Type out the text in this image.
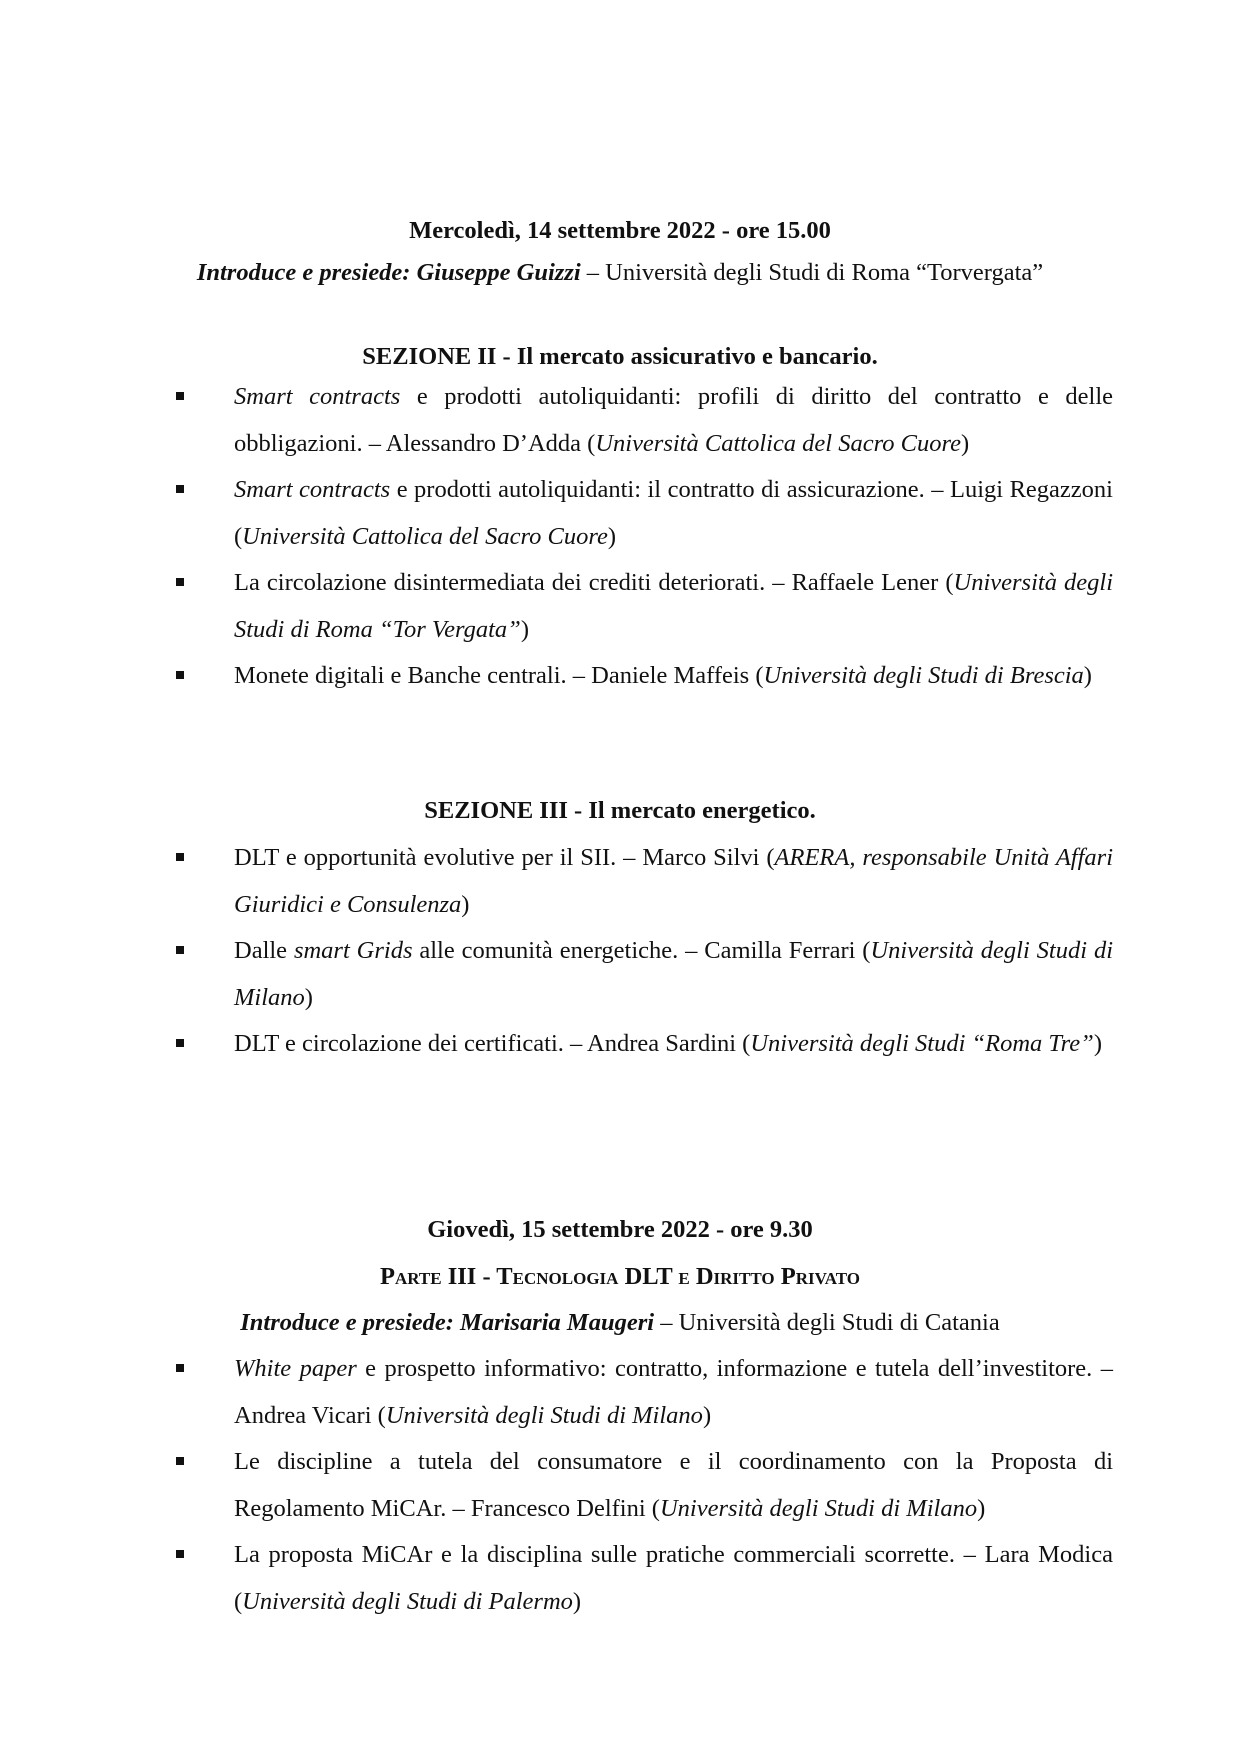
Mercoledì, 14 settembre 2022 - ore 15.00
Introduce e presiede: Giuseppe Guizzi – Università degli Studi di Roma “Torvergata”
SEZIONE II - Il mercato assicurativo e bancario.
Smart contracts e prodotti autoliquidanti: profili di diritto del contratto e delle obbligazioni. – Alessandro D’Adda (Università Cattolica del Sacro Cuore)
Smart contracts e prodotti autoliquidanti: il contratto di assicurazione. – Luigi Regazzoni (Università Cattolica del Sacro Cuore)
La circolazione disintermediata dei crediti deteriorati. – Raffaele Lener (Università degli Studi di Roma “Tor Vergata”)
Monete digitali e Banche centrali. – Daniele Maffeis (Università degli Studi di Brescia)
SEZIONE III - Il mercato energetico.
DLT e opportunità evolutive per il SII. – Marco Silvi (ARERA, responsabile Unità Affari Giuridici e Consulenza)
Dalle smart Grids alle comunità energetiche. – Camilla Ferrari (Università degli Studi di Milano)
DLT e circolazione dei certificati. – Andrea Sardini (Università degli Studi “Roma Tre”)
Giovedì, 15 settembre 2022 - ore 9.30
Parte III - Tecnologia DLT e Diritto Privato
Introduce e presiede: Marisaria Maugeri – Università degli Studi di Catania
White paper e prospetto informativo: contratto, informazione e tutela dell’investitore. – Andrea Vicari (Università degli Studi di Milano)
Le discipline a tutela del consumatore e il coordinamento con la Proposta di Regolamento MiCAr. – Francesco Delfini (Università degli Studi di Milano)
La proposta MiCAr e la disciplina sulle pratiche commerciali scorrette. – Lara Modica (Università degli Studi di Palermo)
